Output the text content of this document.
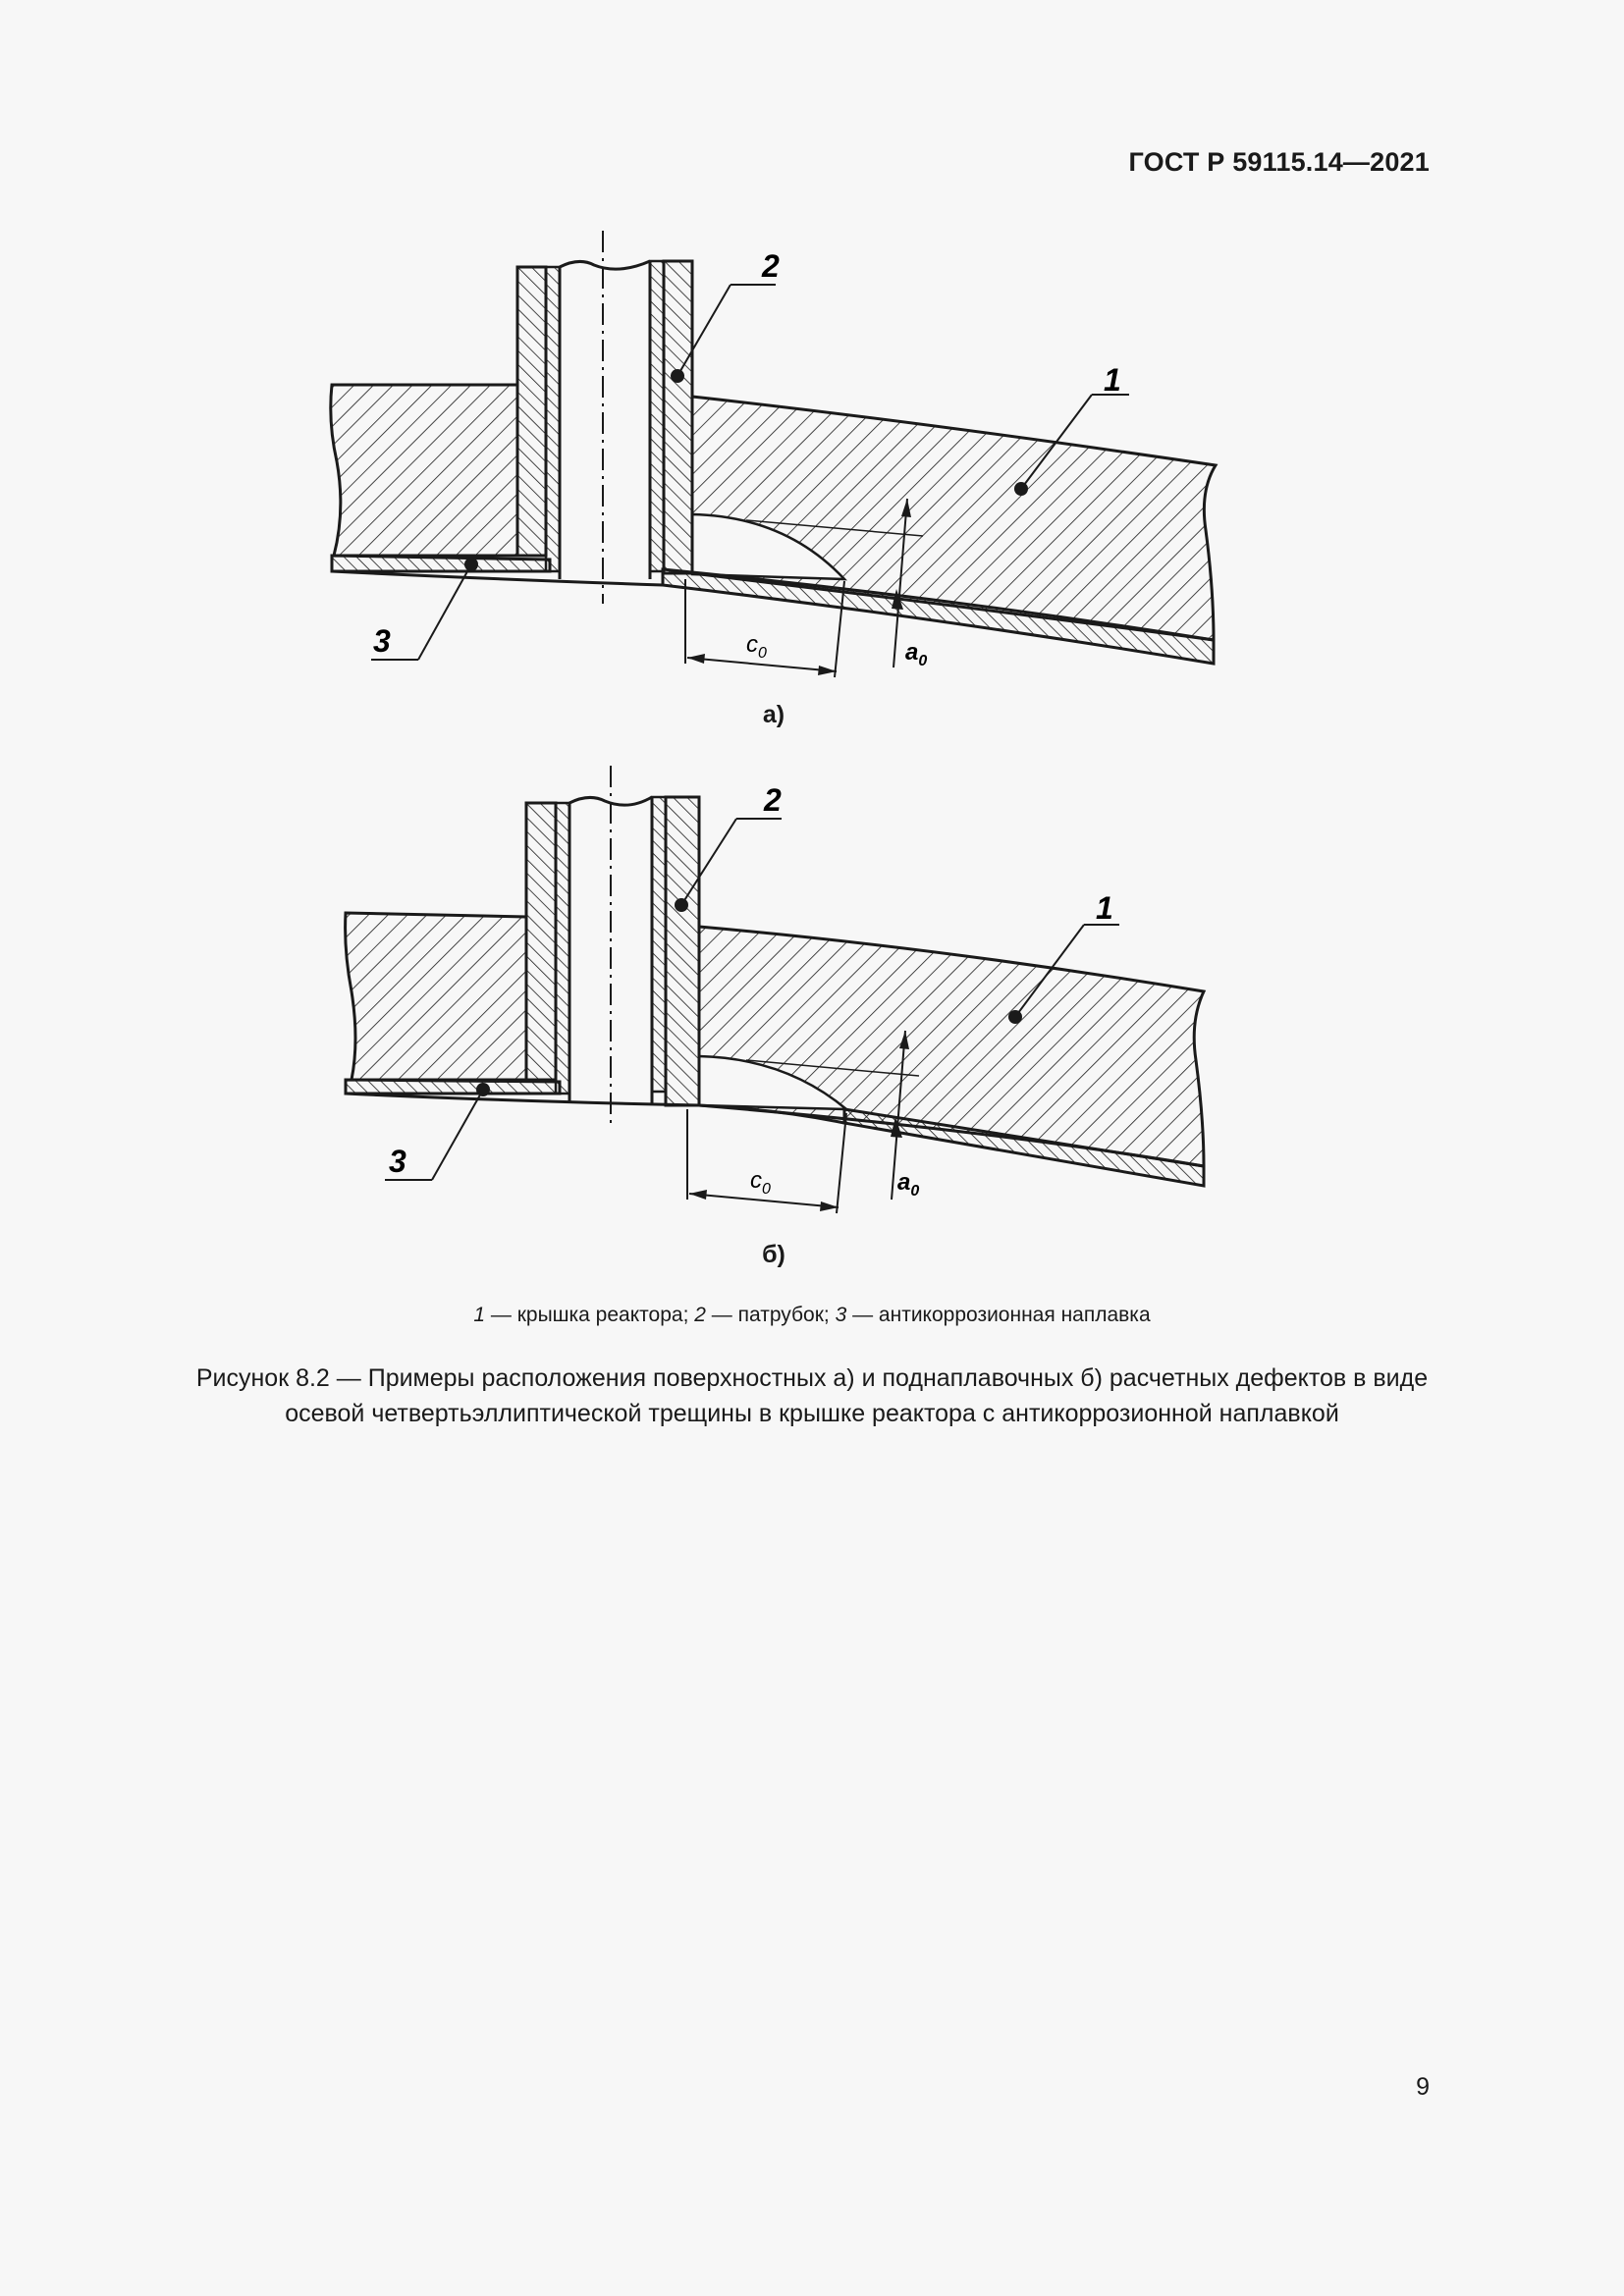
ГОСТ Р 59115.14—2021
1
2
3	$c_0$	$a_0$
а)
1
2
3
$c_0$	$a_0$
б)
1 — крышка реактора; 2 — патрубок; 3 — антикоррозионная наплавка
Рисунок 8.2 — Примеры расположения поверхностных а) и поднаплавочных б) расчетных дефектов в виде
осевой четвертьэллиптической трещины в крышке реактора с антикоррозионной наплавкой
9
